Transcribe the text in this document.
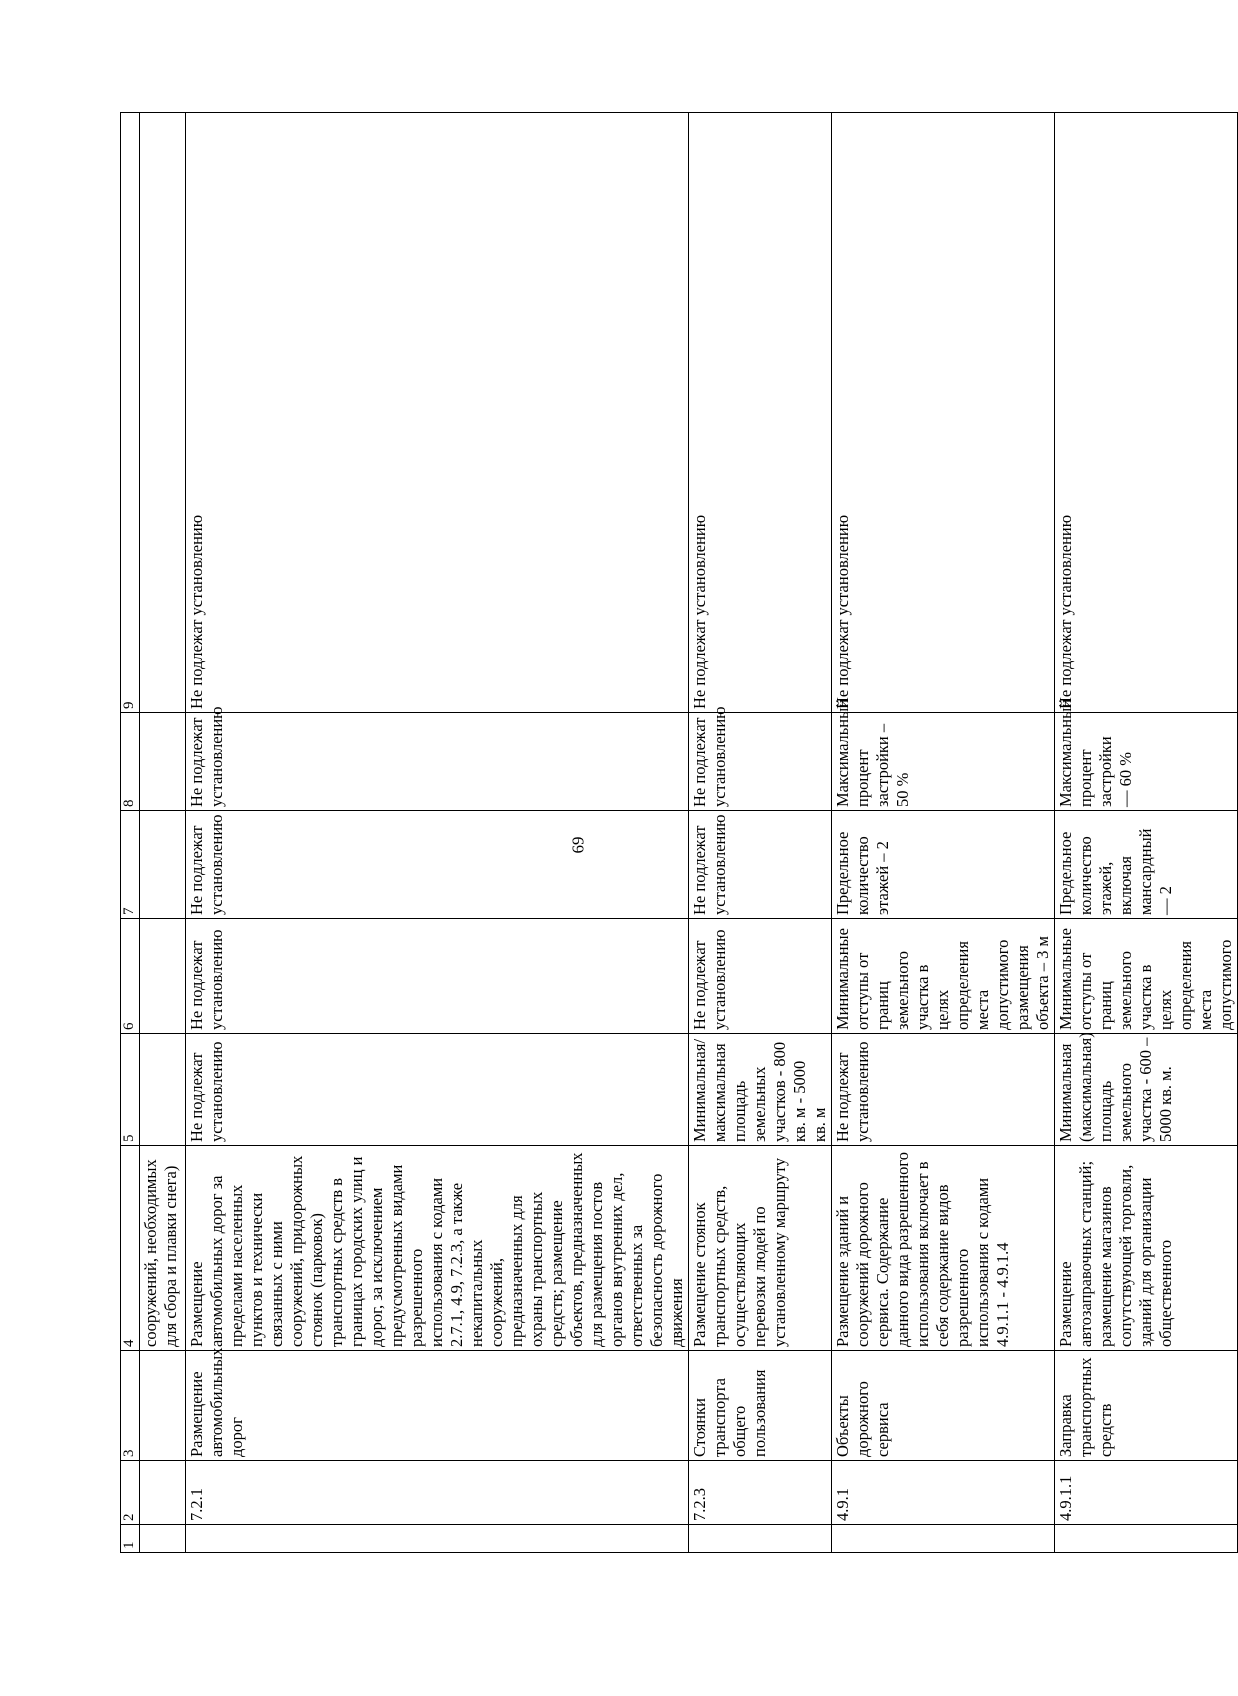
69
1	2	3	4	5	6	7	8	9
			сооружений, необходимых для сбора и плавки снега)					
	7.2.1	Размещение автомобильных дорог	Размещение автомобильных дорог за пределами населенных пунктов и технически связанных с ними сооружений, придорожных стоянок (парковок) транспортных средств в границах городских улиц и дорог, за исключением предусмотренных видами разрешенного использования с кодами 2.7.1, 4.9, 7.2.3, а также некапитальных сооружений, предназначенных для охраны транспортных средств; размещение объектов, предназначенных для размещения постов органов внутренних дел, ответственных за безопасность дорожного движения	Не подлежат установлению	Не подлежат установлению	Не подлежат установлению	Не подлежат установлению	Не подлежат установлению
	7.2.3	Стоянки транспорта общего пользования	Размещение стоянок транспортных средств, осуществляющих перевозки людей по установленному маршруту	Минимальная/максимальная площадь земельных участков - 800 кв. м - 5000 кв. м	Не подлежат установлению	Не подлежат установлению	Не подлежат установлению	Не подлежат установлению
	4.9.1	Объекты дорожного сервиса	Размещение зданий и сооружений дорожного сервиса. Содержание данного вида разрешенного использования включает в себя содержание видов разрешенного использования с кодами 4.9.1.1 - 4.9.1.4	Не подлежат установлению	Минимальные отступы от границ земельного участка в целях определения места допустимого размещения объекта – 3 м	Предельное количество этажей – 2	Максимальный процент застройки – 50 %	Не подлежат установлению
	4.9.1.1	Заправка транспортных средств	Размещение автозаправочных станций; размещение магазинов сопутствующей торговли, зданий для организации общественного	Минимальная (максимальная) площадь земельного участка - 600 – 5000 кв. м.	Минимальные отступы от границ земельного участка в целях определения места допустимого	Предельное количество этажей, включая мансардный — 2	Максимальный процент застройки — 60 %	Не подлежат установлению
